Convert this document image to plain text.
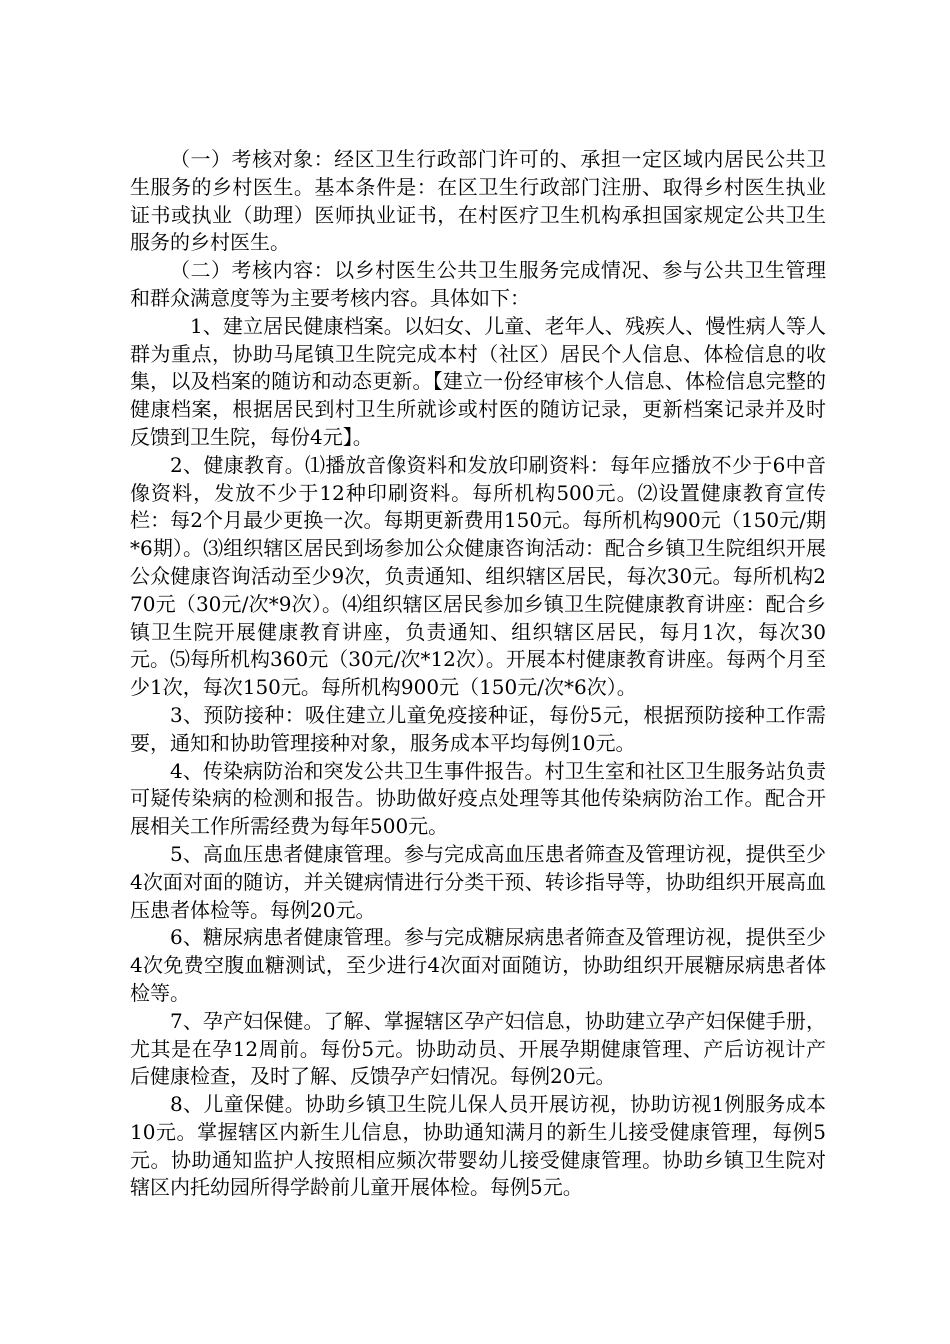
（一）考核对象：经区卫生行政部门许可的、承担一定区域内居民公共卫生服务的乡村医生。基本条件是：在区卫生行政部门注册、取得乡村医生执业证书或执业（助理）医师执业证书，在村医疗卫生机构承担国家规定公共卫生服务的乡村医生。

（二）考核内容：以乡村医生公共卫生服务完成情况、参与公共卫生管理和群众满意度等为主要考核内容。具体如下：

1、建立居民健康档案。以妇女、儿童、老年人、残疾人、慢性病人等人群为重点，协助马尾镇卫生院完成本村（社区）居民个人信息、体检信息的收集，以及档案的随访和动态更新。【建立一份经审核个人信息、体检信息完整的健康档案，根据居民到村卫生所就诊或村医的随访记录，更新档案记录并及时反馈到卫生院，每份4元】。

2、健康教育。⑴播放音像资料和发放印刷资料：每年应播放不少于6中音像资料，发放不少于12种印刷资料。每所机构500元。⑵设置健康教育宣传栏：每2个月最少更换一次。每期更新费用150元。每所机构900元（150元/期*6期）。⑶组织辖区居民到场参加公众健康咨询活动：配合乡镇卫生院组织开展公众健康咨询活动至少9次，负责通知、组织辖区居民，每次30元。每所机构270元（30元/次*9次）。⑷组织辖区居民参加乡镇卫生院健康教育讲座：配合乡镇卫生院开展健康教育讲座，负责通知、组织辖区居民，每月1次，每次30元。⑸每所机构360元（30元/次*12次）。开展本村健康教育讲座。每两个月至少1次，每次150元。每所机构900元（150元/次*6次）。

3、预防接种：吸住建立儿童免疫接种证，每份5元，根据预防接种工作需要，通知和协助管理接种对象，服务成本平均每例10元。

4、传染病防治和突发公共卫生事件报告。村卫生室和社区卫生服务站负责可疑传染病的检测和报告。协助做好疫点处理等其他传染病防治工作。配合开展相关工作所需经费为每年500元。

5、高血压患者健康管理。参与完成高血压患者筛查及管理访视，提供至少4次面对面的随访，并关键病情进行分类干预、转诊指导等，协助组织开展高血压患者体检等。每例20元。

6、糖尿病患者健康管理。参与完成糖尿病患者筛查及管理访视，提供至少4次免费空腹血糖测试，至少进行4次面对面随访，协助组织开展糖尿病患者体检等。

7、孕产妇保健。了解、掌握辖区孕产妇信息，协助建立孕产妇保健手册，尤其是在孕12周前。每份5元。协助动员、开展孕期健康管理、产后访视计产后健康检查，及时了解、反馈孕产妇情况。每例20元。

8、儿童保健。协助乡镇卫生院儿保人员开展访视，协助访视1例服务成本10元。掌握辖区内新生儿信息，协助通知满月的新生儿接受健康管理，每例5元。协助通知监护人按照相应频次带婴幼儿接受健康管理。协助乡镇卫生院对辖区内托幼园所得学龄前儿童开展体检。每例5元。
